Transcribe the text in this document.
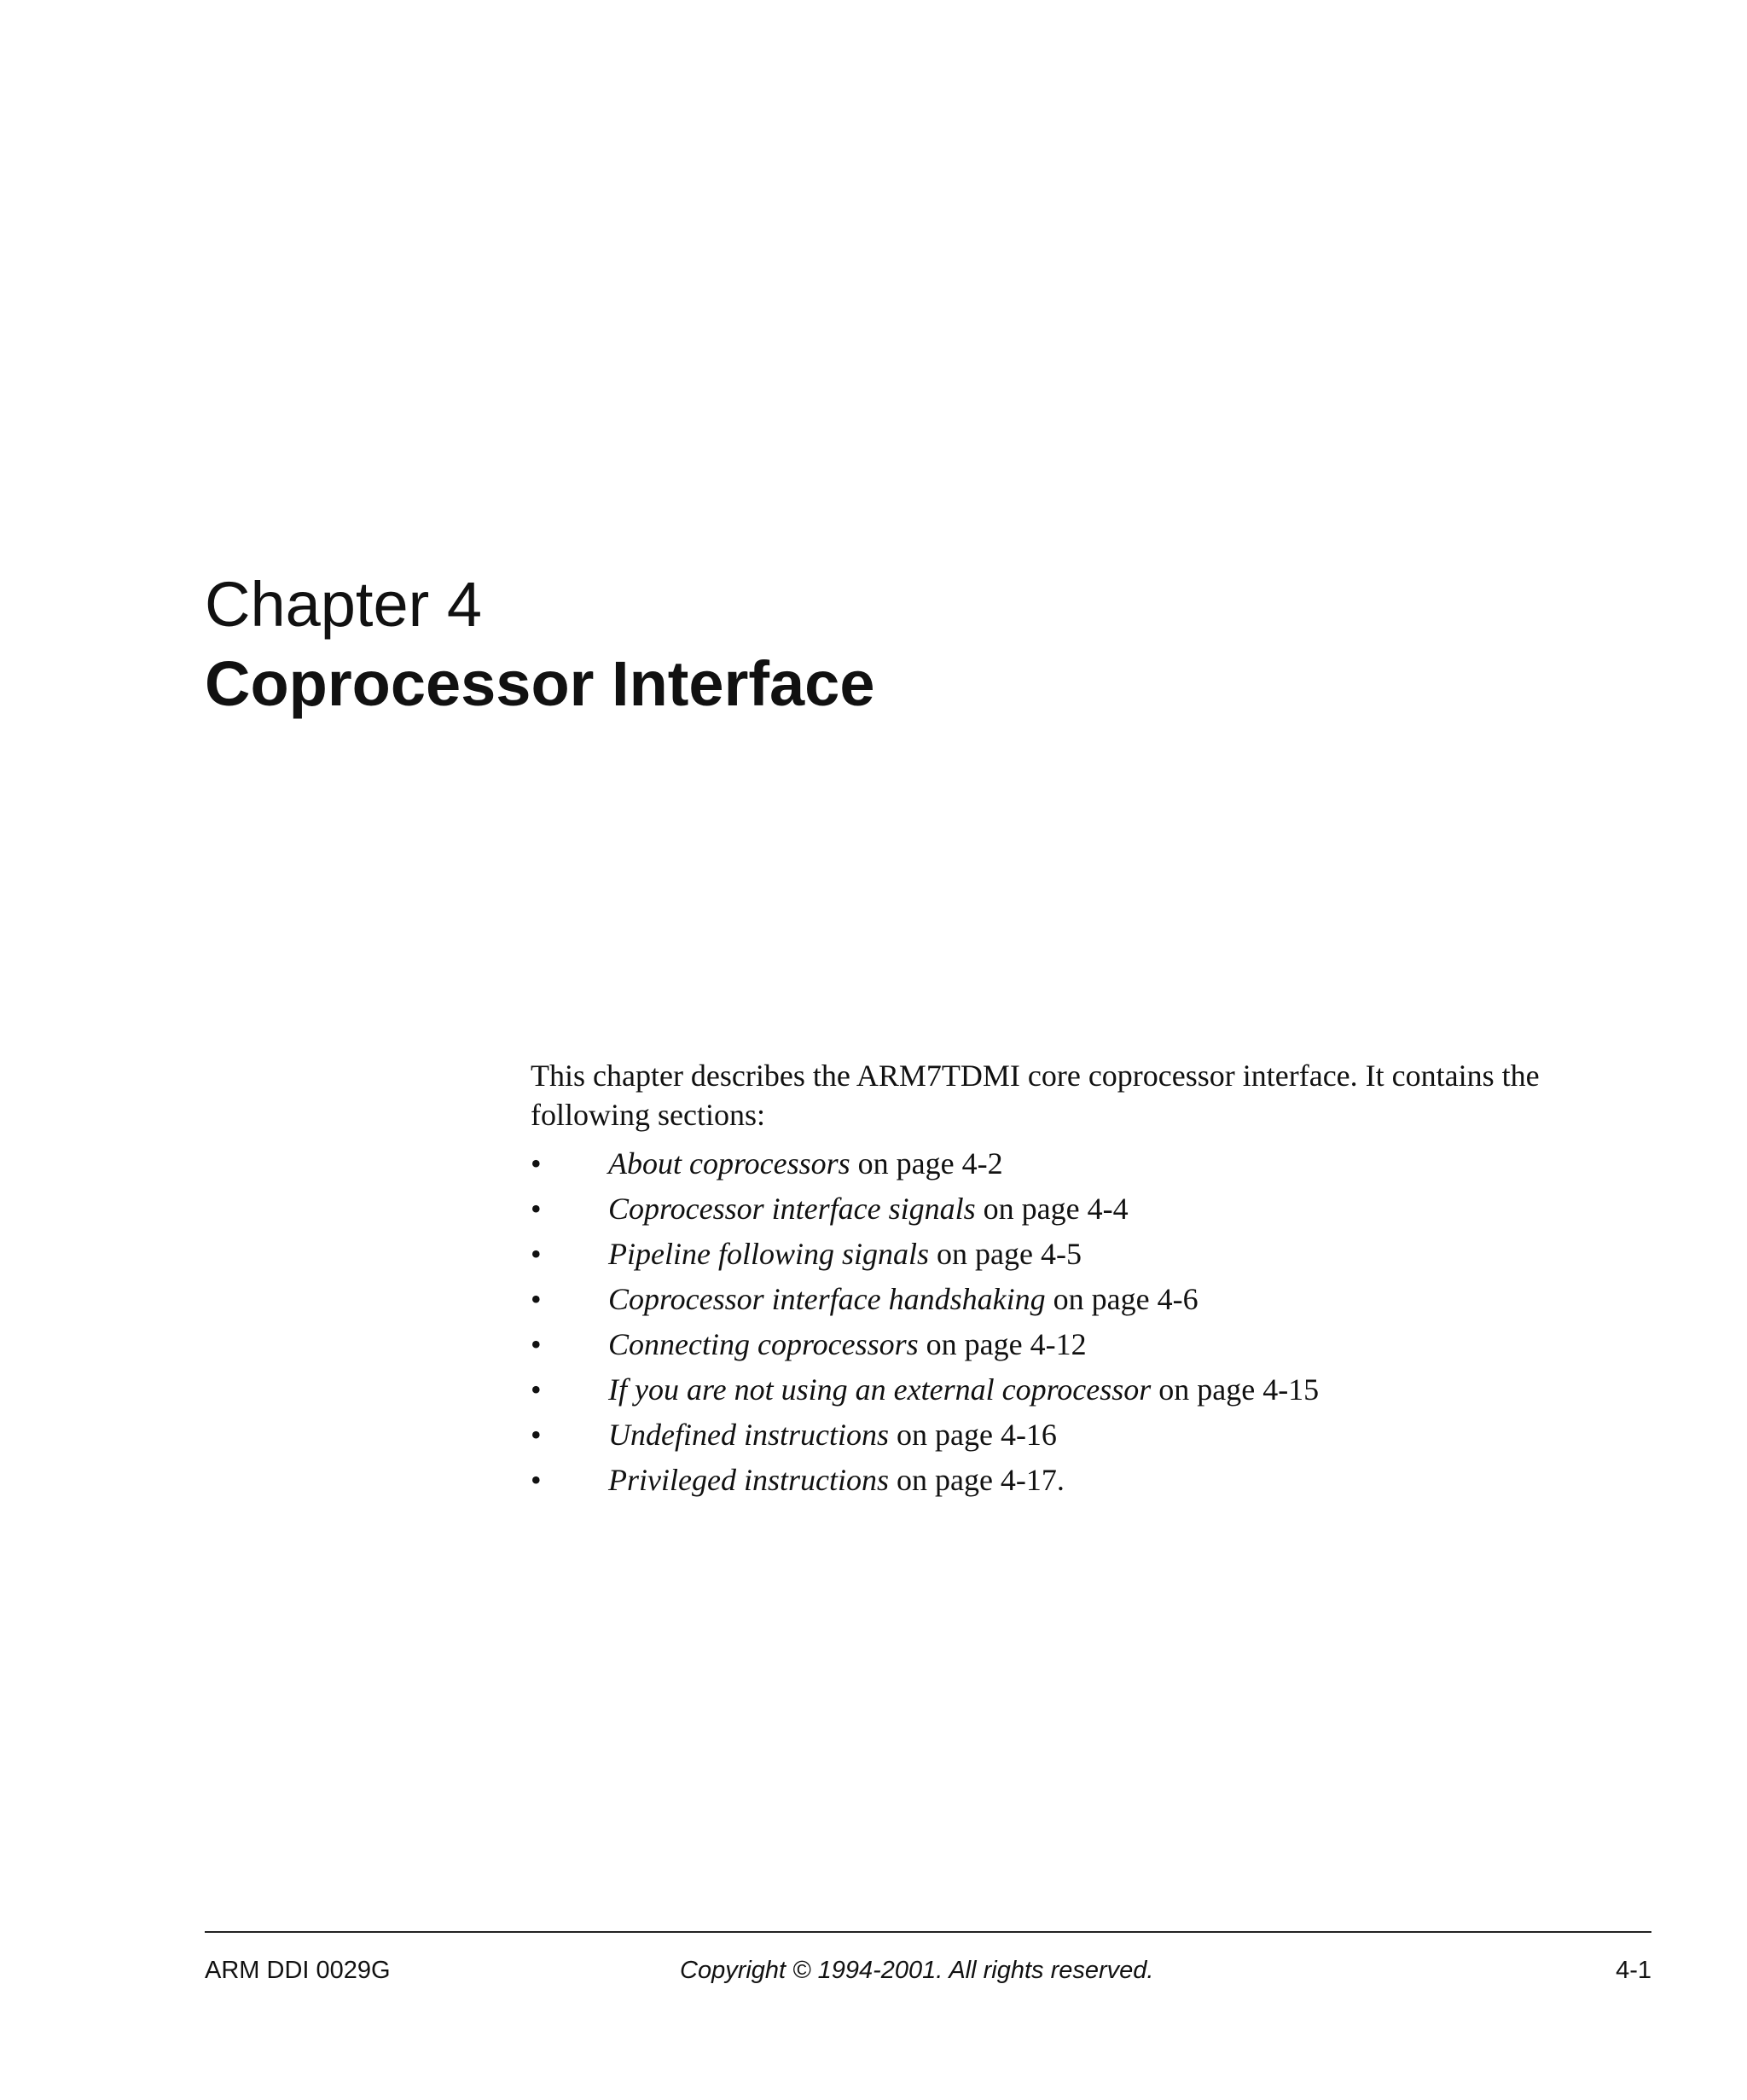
Chapter 4
Coprocessor Interface

This chapter describes the ARM7TDMI core coprocessor interface. It contains the
following sections:

• About coprocessors on page 4-2
• Coprocessor interface signals on page 4-4
• Pipeline following signals on page 4-5
• Coprocessor interface handshaking on page 4-6
• Connecting coprocessors on page 4-12
• If you are not using an external coprocessor on page 4-15
• Undefined instructions on page 4-16
• Privileged instructions on page 4-17.
ARM DDI 0029G	Copyright © 1994-2001. All rights reserved.	4-1
